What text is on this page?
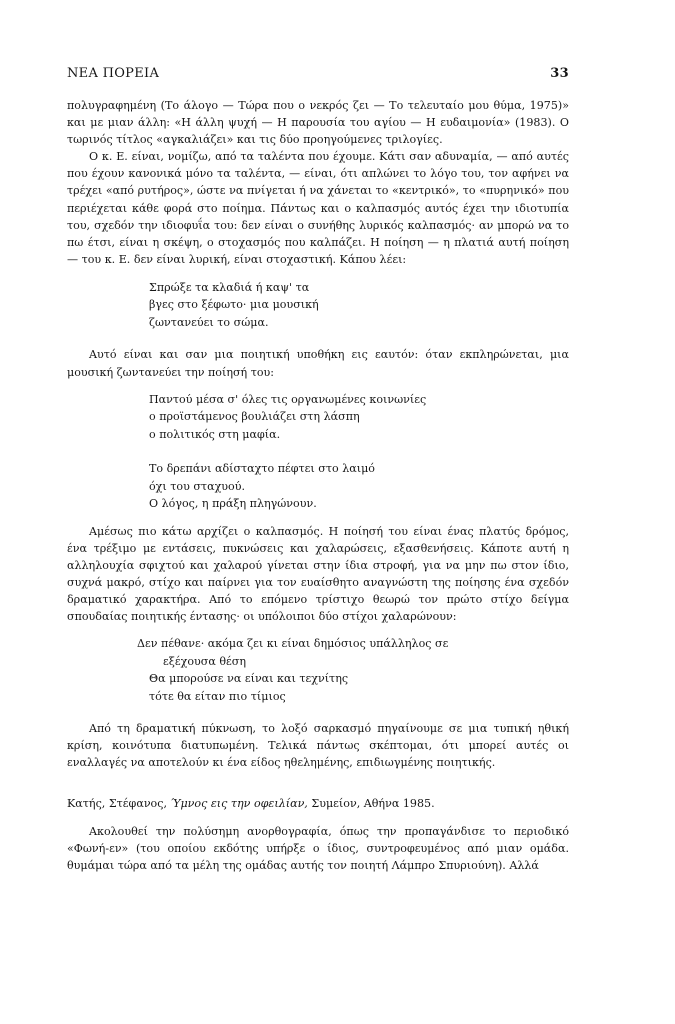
ΝΕΑ ΠΟΡΕΙΑ	33

πολυγραφημένη (Το άλογο — Τώρα που ο νεκρός ζει — Το τελευταίο μου θύμα, 1975)» και με μιαν άλλη: «Η άλλη ψυχή — Η παρουσία του αγίου — Η ευδαιμονία» (1983). Ο τωρινός τίτλος «αγκαλιάζει» και τις δύο προηγούμενες τριλογίες.

Ο κ. Ε. είναι, νομίζω, από τα ταλέντα που έχουμε. Κάτι σαν αδυναμία, — από αυτές που έχουν κανονικά μόνο τα ταλέντα, — είναι, ότι απλώνει το λόγο του, τον αφήνει να τρέχει «από ρυτήρος», ώστε να πνίγεται ή να χάνεται το «κεντρικό», το «πυρηνικό» που περιέχεται κάθε φορά στο ποίημα. Πάντως και ο καλπασμός αυτός έχει την ιδιοτυπία του, σχεδόν την ιδιοφυΐα του: δεν είναι ο συνήθης λυρικός καλπασμός· αν μπορώ να το πω έτσι, είναι η σκέψη, ο στοχασμός που καλπάζει. Η ποίηση — η πλατιά αυτή ποίηση — του κ. Ε. δεν είναι λυρική, είναι στοχαστική. Κάπου λέει:

Σπρώξε τα κλαδιά ή καψ' τα
βγες στο ξέφωτο· μια μουσική
ζωντανεύει το σώμα.

Αυτό είναι και σαν μια ποιητική υποθήκη εις εαυτόν: όταν εκπληρώνεται, μια μουσική ζωντανεύει την ποίησή του:

Παντού μέσα σ' όλες τις οργανωμένες κοινωνίες
ο προϊστάμενος βουλιάζει στη λάσπη
ο πολιτικός στη μαφία.
Το δρεπάνι αδίσταχτο πέφτει στο λαιμό
όχι του σταχυού.
Ο λόγος, η πράξη πληγώνουν.

Αμέσως πιο κάτω αρχίζει ο καλπασμός. Η ποίησή του είναι ένας πλατύς δρόμος, ένα τρέξιμο με εντάσεις, πυκνώσεις και χαλαρώσεις, εξασθενήσεις. Κάποτε αυτή η αλληλουχία σφιχτού και χαλαρού γίνεται στην ίδια στροφή, για να μην πω στον ίδιο, συχνά μακρό, στίχο και παίρνει για τον ευαίσθητο αναγνώστη της ποίησης ένα σχεδόν δραματικό χαρακτήρα. Από το επόμενο τρίστιχο θεωρώ τον πρώτο στίχο δείγμα σπουδαίας ποιητικής έντασης· οι υπόλοιποι δύο στίχοι χαλαρώνουν:

Δεν πέθανε· ακόμα ζει κι είναι δημόσιος υπάλληλος σε
εξέχουσα θέση
Θα μπορούσε να είναι και τεχνίτης
τότε θα είταν πιο τίμιος

Από τη δραματική πύκνωση, το λοξό σαρκασμό πηγαίνουμε σε μια τυπική ηθική κρίση, κοινότυπα διατυπωμένη. Τελικά πάντως σκέπτομαι, ότι μπορεί αυτές οι εναλλαγές να αποτελούν κι ένα είδος ηθελημένης, επιδιωγμένης ποιητικής.

Κατής, Στέφανος, Ύμνος εις την οφειλίαν, Συμείον, Αθήνα 1985.

Ακολουθεί την πολύσημη ανορθογραφία, όπως την προπαγάνδισε το περιοδικό «Φωνή-εν» (του οποίου εκδότης υπήρξε ο ίδιος, συντροφευμένος από μιαν ομάδα. θυμάμαι τώρα από τα μέλη της ομάδας αυτής τον ποιητή Λάμπρο Σπυριούνη). Αλλά
